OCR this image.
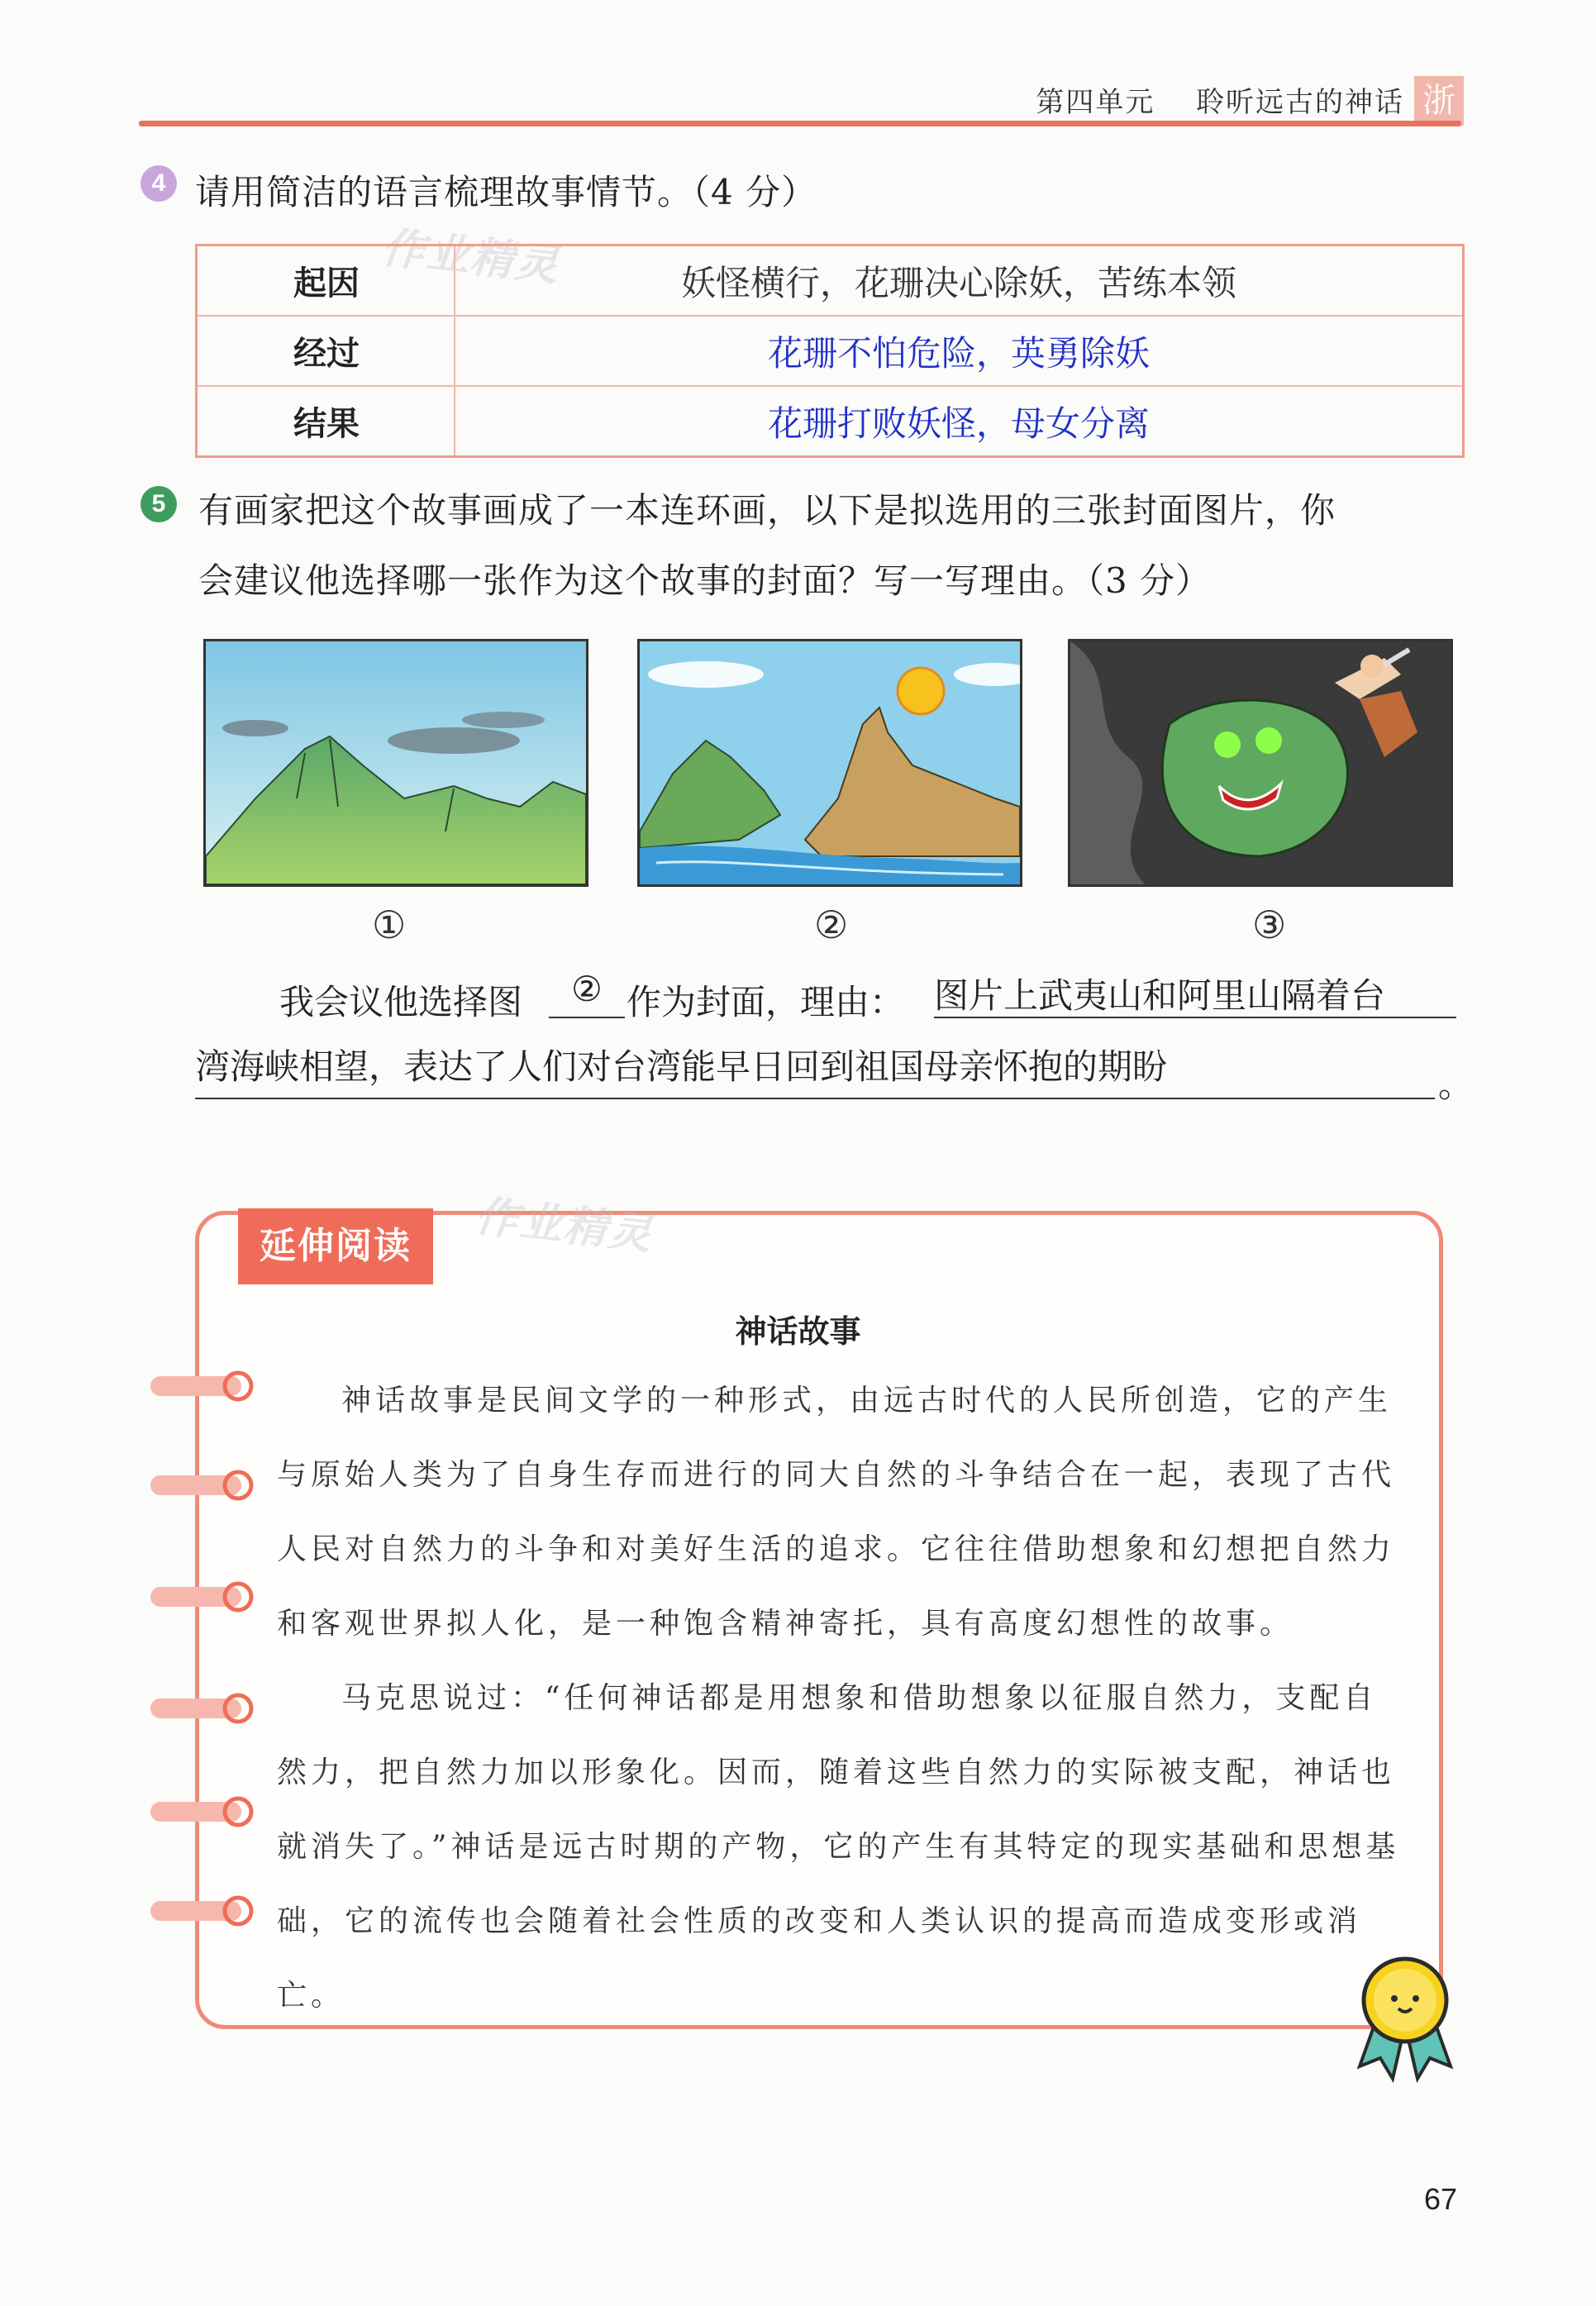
第四单元 聆听远古的神话 浙
4 请用简洁的语言梳理故事情节。（4 分）
作业精灵
起因	妖怪横行，花珊决心除妖，苦练本领
经过	花珊不怕危险，英勇除妖
结果	花珊打败妖怪，母女分离
5 有画家把这个故事画成了一本连环画，以下是拟选用的三张封面图片，你
会建议他选择哪一张作为这个故事的封面？写一写理由。（3 分）
①	②	③
我会议他选择图	② 作为封面，理由： 图片上武夷山和阿里山隔着台
湾海峡相望，表达了人们对台湾能早日回到祖国母亲怀抱的期盼	。
延伸阅读	作业精灵
神话故事
神话故事是民间文学的一种形式，由远古时代的人民所创造，它的产生与原始人类为了自身生存而进行的同大自然的斗争结合在一起，表现了古代人民对自然力的斗争和对美好生活的追求。它往往借助想象和幻想把自然力和客观世界拟人化，是一种饱含精神寄托，具有高度幻想性的故事。
马克思说过：“任何神话都是用想象和借助想象以征服自然力，支配自然力，把自然力加以形象化。因而，随着这些自然力的实际被支配，神话也就消失了。”神话是远古时期的产物，它的产生有其特定的现实基础和思想基础，它的流传也会随着社会性质的改变和人类认识的提高而造成变形或消亡。
67
